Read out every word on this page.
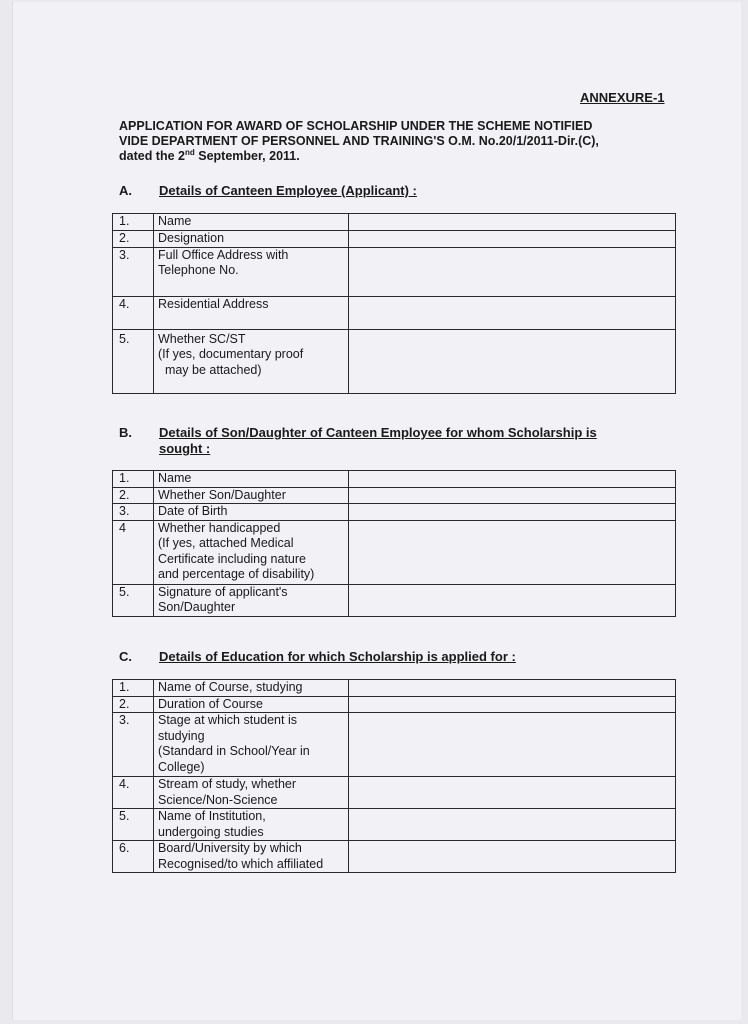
ANNEXURE-1
APPLICATION FOR AWARD OF SCHOLARSHIP UNDER THE SCHEME NOTIFIED
VIDE DEPARTMENT OF PERSONNEL AND TRAINING'S O.M. No.20/1/2011-Dir.(C),
dated the 2nd September, 2011.
A. Details of Canteen Employee (Applicant) :
1.	Name	
2.	Designation	
3.	Full Office Address with
Telephone No.	

4.	Residential Address	
5.	Whether SC/ST
(If yes, documentary proof
may be attached)	

B. Details of Son/Daughter of Canteen Employee for whom Scholarship is
sought :
1.	Name	
2.	Whether Son/Daughter	
3.	Date of Birth	
4	Whether handicapped
(If yes, attached Medical
Certificate including nature
and percentage of disability)	

5.	Signature of applicant's
Son/Daughter	

C. Details of Education for which Scholarship is applied for :
1.	Name of Course, studying	
2.	Duration of Course	
3.	Stage at which student is
studying
(Standard in School/Year in
College)	

4.	Stream of study, whether
Science/Non-Science	

5.	Name of Institution,
undergoing studies	

6.	Board/University by which
Recognised/to which affiliated	
